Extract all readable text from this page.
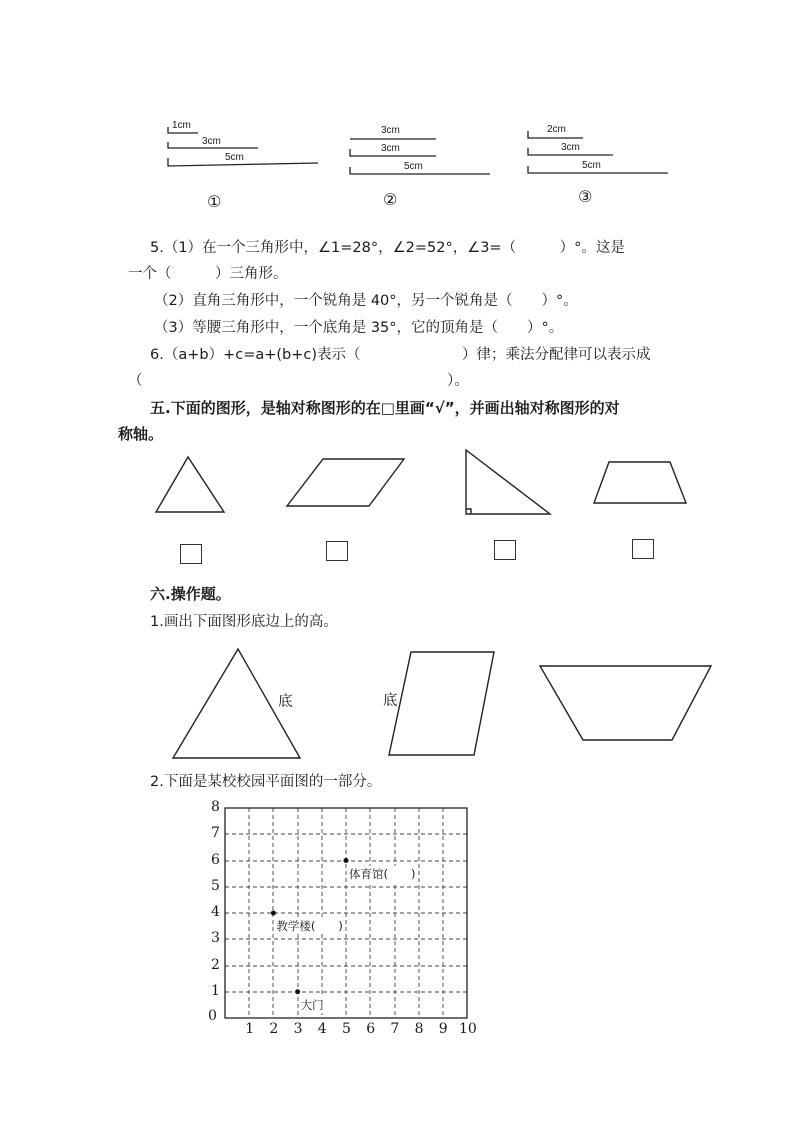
1cm
3cm
5cm
①
3cm
3cm
5cm
②
2cm
3cm
5cm
③
5.（1）在一个三角形中，∠1=28°，∠2=52°，∠3=（　　　）°。这是
一个（　　　）三角形。
（2）直角三角形中，一个锐角是 40°，另一个锐角是（　　）°。
（3）等腰三角形中，一个底角是 35°，它的顶角是（　　）°。
6.（a+b）+c=a+(b+c)表示（　　　　　　　）律；乘法分配律可以表示成
（　　　　　　　　　　　　　　　　　　　　　）。
五.下面的图形，是轴对称图形的在□里画“√”，并画出轴对称图形的对
称轴。
六.操作题。
1.画出下面图形底边上的高。
底	底
2.下面是某校校园平面图的一部分。
0
1 2 3 4 5 6 7 8 9 10
1
2
3
4
5
6
7
8
体育馆(　　)
教学楼(　　)
大门
